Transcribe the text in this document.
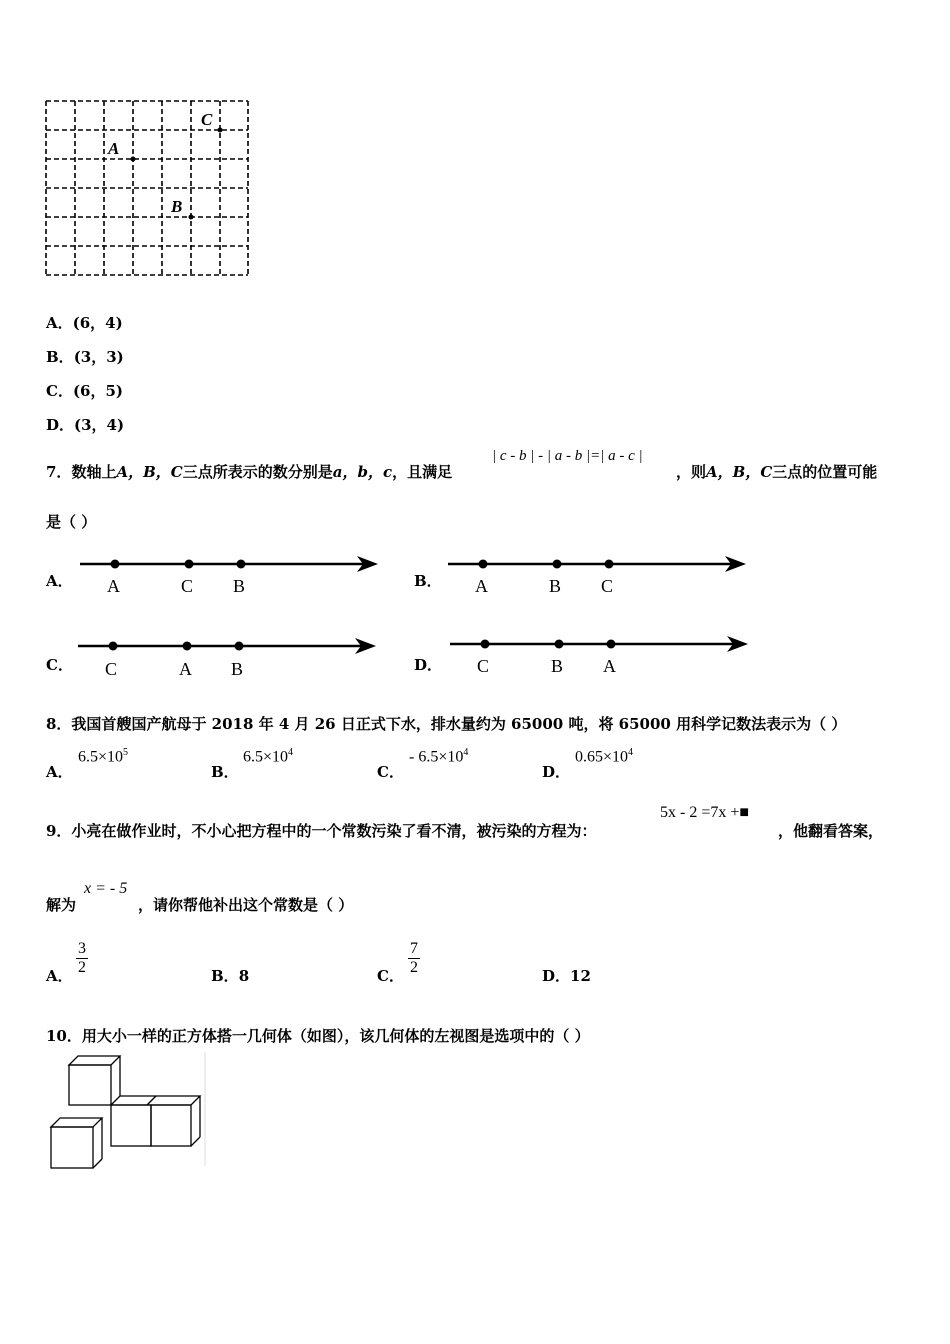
C
A
B
A．(6，4)
B．(3，3)
C．(6，5)
D．(3，4)
7．数轴上A，B，C三点所表示的数分别是a，b，c，且满足
| c - b | - | a - b |=| a - c |
，则A，B，C三点的位置可能
是（ ）
A． A	C B	B． A	B C
C． C	A B	D． C	B A
8．我国首艘国产航母于 2018 年 4 月 26 日正式下水，排水量约为 65000 吨，将 65000 用科学记数法表示为（ ）
A．
$6.5\times 10^5$
B．
$6.5\times 10^4$
C．
- $6.5\times 10^4$
D．
$0.65\times 10^4$
9．小亮在做作业时，不小心把方程中的一个常数污染了看不清，被污染的方程为：
5x - 2 =7x +■
，他翻看答案，
解为
x = - 5
，请你帮他补出这个常数是（ ）
A． $\frac{3}{2}$	B．8	C． $\frac{7}{2}$	D．12
10．用大小一样的正方体搭一几何体（如图），该几何体的左视图是选项中的（ ）
